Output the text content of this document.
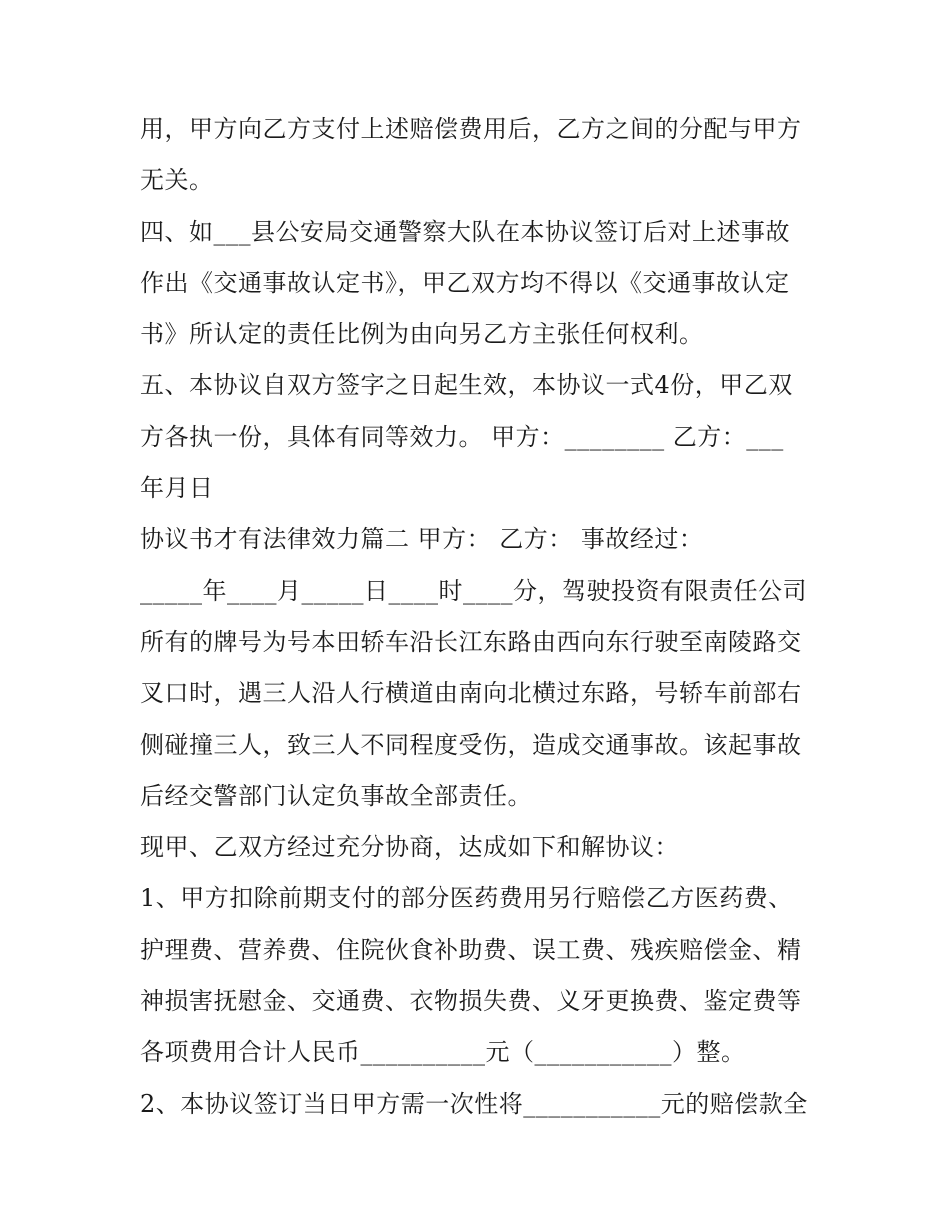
用，甲方向乙方支付上述赔偿费用后，乙方之间的分配与甲方
无关。
四、如___县公安局交通警察大队在本协议签订后对上述事故
作出《交通事故认定书》，甲乙双方均不得以《交通事故认定
书》所认定的责任比例为由向另乙方主张任何权利。
五、本协议自双方签字之日起生效，本协议一式4份，甲乙双
方各执一份，具体有同等效力。 甲方：________ 乙方：___
年月日
协议书才有法律效力篇二 甲方： 乙方： 事故经过：
_____年____月_____日____时____分，驾驶投资有限责任公司
所有的牌号为号本田轿车沿长江东路由西向东行驶至南陵路交
叉口时，遇三人沿人行横道由南向北横过东路，号轿车前部右
侧碰撞三人，致三人不同程度受伤，造成交通事故。该起事故
后经交警部门认定负事故全部责任。
现甲、乙双方经过充分协商，达成如下和解协议：
1、甲方扣除前期支付的部分医药费用另行赔偿乙方医药费、
护理费、营养费、住院伙食补助费、误工费、残疾赔偿金、精
神损害抚慰金、交通费、衣物损失费、义牙更换费、鉴定费等
各项费用合计人民币__________元（___________）整。
2、本协议签订当日甲方需一次性将___________元的赔偿款全
